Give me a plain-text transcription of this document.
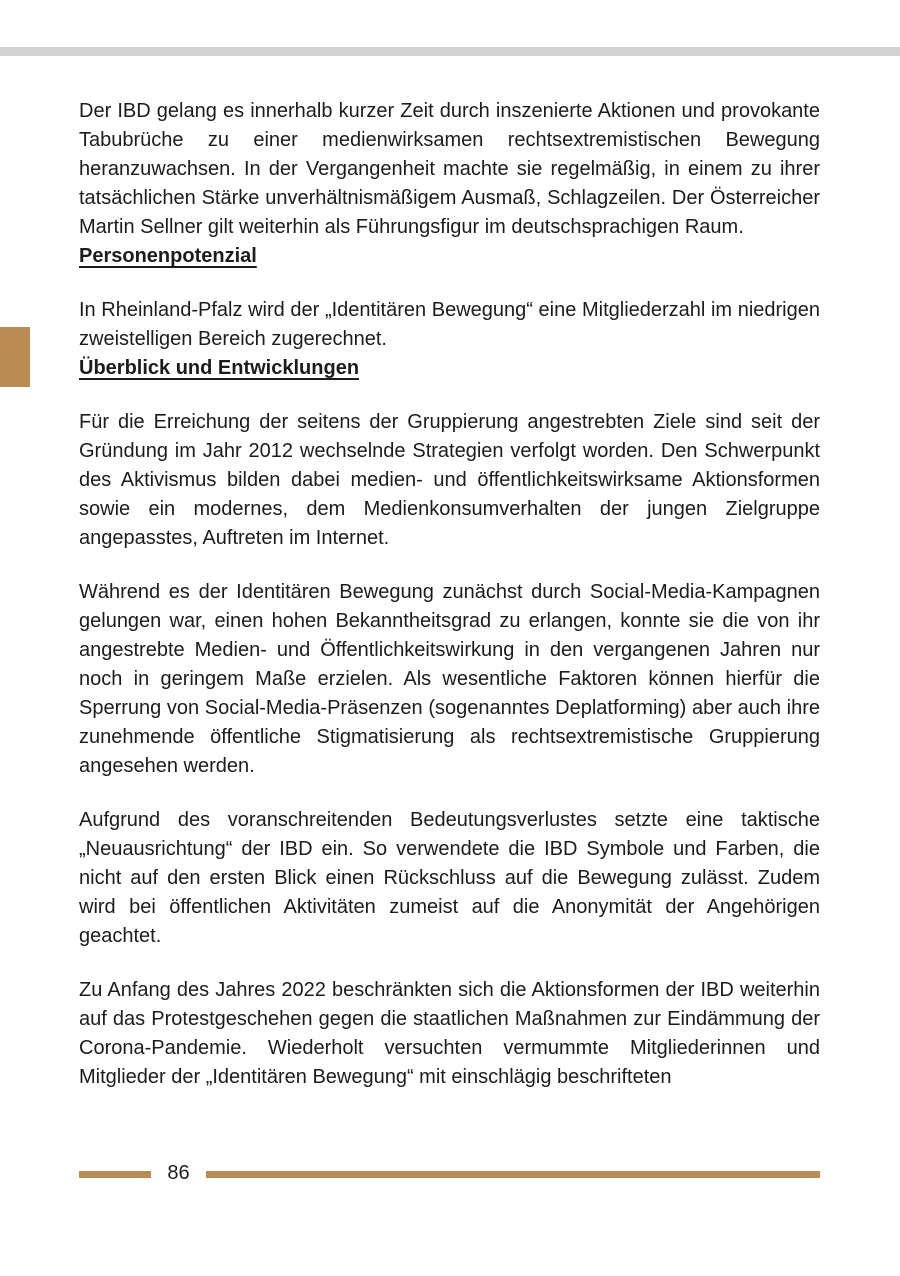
Der IBD gelang es innerhalb kurzer Zeit durch inszenierte Aktionen und provokante Tabubrüche zu einer medienwirksamen rechtsextremistischen Bewegung heranzuwachsen. In der Vergangenheit machte sie regelmäßig, in einem zu ihrer tatsächlichen Stärke unverhältnismäßigem Ausmaß, Schlagzeilen. Der Österreicher Martin Sellner gilt weiterhin als Führungsfigur im deutschsprachigen Raum.

Personenpotenzial

In Rheinland-Pfalz wird der „Identitären Bewegung“ eine Mitgliederzahl im niedrigen zweistelligen Bereich zugerechnet.

Überblick und Entwicklungen

Für die Erreichung der seitens der Gruppierung angestrebten Ziele sind seit der Gründung im Jahr 2012 wechselnde Strategien verfolgt worden. Den Schwerpunkt des Aktivismus bilden dabei medien- und öffentlichkeitswirksame Aktionsformen sowie ein modernes, dem Medienkonsumverhalten der jungen Zielgruppe angepasstes, Auftreten im Internet.

Während es der Identitären Bewegung zunächst durch Social-Media-Kampagnen gelungen war, einen hohen Bekanntheitsgrad zu erlangen, konnte sie die von ihr angestrebte Medien- und Öffentlichkeitswirkung in den vergangenen Jahren nur noch in geringem Maße erzielen. Als wesentliche Faktoren können hierfür die Sperrung von Social-Media-Präsenzen (sogenanntes Deplatforming) aber auch ihre zunehmende öffentliche Stigmatisierung als rechtsextremistische Gruppierung angesehen werden.

Aufgrund des voranschreitenden Bedeutungsverlustes setzte eine taktische „Neuausrichtung“ der IBD ein. So verwendete die IBD Symbole und Farben, die nicht auf den ersten Blick einen Rückschluss auf die Bewegung zulässt. Zudem wird bei öffentlichen Aktivitäten zumeist auf die Anonymität der Angehörigen geachtet.

Zu Anfang des Jahres 2022 beschränkten sich die Aktionsformen der IBD weiterhin auf das Protestgeschehen gegen die staatlichen Maßnahmen zur Eindämmung der Corona-Pandemie. Wiederholt versuchten vermummte Mitgliederinnen und Mitglieder der „Identitären Bewegung“ mit einschlägig beschrifteten

86
